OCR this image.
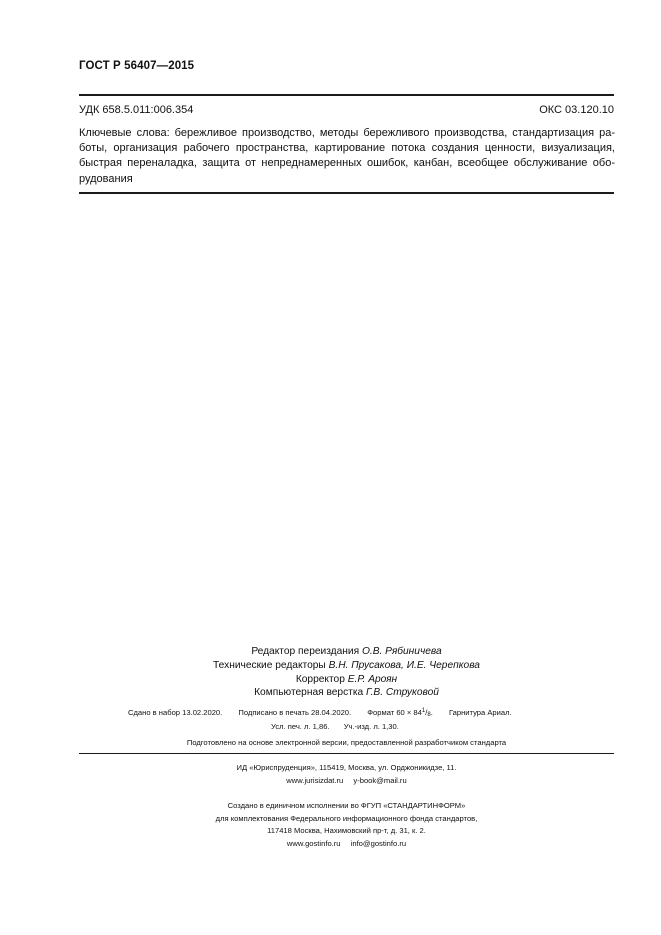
ГОСТ Р 56407—2015
УДК 658.5.011:006.354	ОКС 03.120.10
Ключевые слова: бережливое производство, методы бережливого производства, стандартизация работы, организация рабочего пространства, картирование потока создания ценности, визуализация, быстрая переналадка, защита от непреднамеренных ошибок, канбан, всеобщее обслуживание оборудования
Редактор переиздания О.В. Рябиничева
Технические редакторы В.Н. Прусакова, И.Е. Черепкова
Корректор Е.Р. Ароян
Компьютерная верстка Г.В. Струковой
Сдано в набор 13.02.2020. Подписано в печать 28.04.2020. Формат $60 \times 84^1/_8$. Гарнитура Ариал.
Усл. печ. л. 1,86. Уч.-изд. л. 1,30.
Подготовлено на основе электронной версии, предоставленной разработчиком стандарта
ИД «Юриспруденция», 115419, Москва, ул. Орджоникидзе, 11.
www.jurisizdat.ru y-book@mail.ru
Создано в единичном исполнении во ФГУП «СТАНДАРТИНФОРМ»
для комплектования Федерального информационного фонда стандартов,
117418 Москва, Нахимовский пр-т, д. 31, к. 2.
www.gostinfo.ru info@gostinfo.ru
